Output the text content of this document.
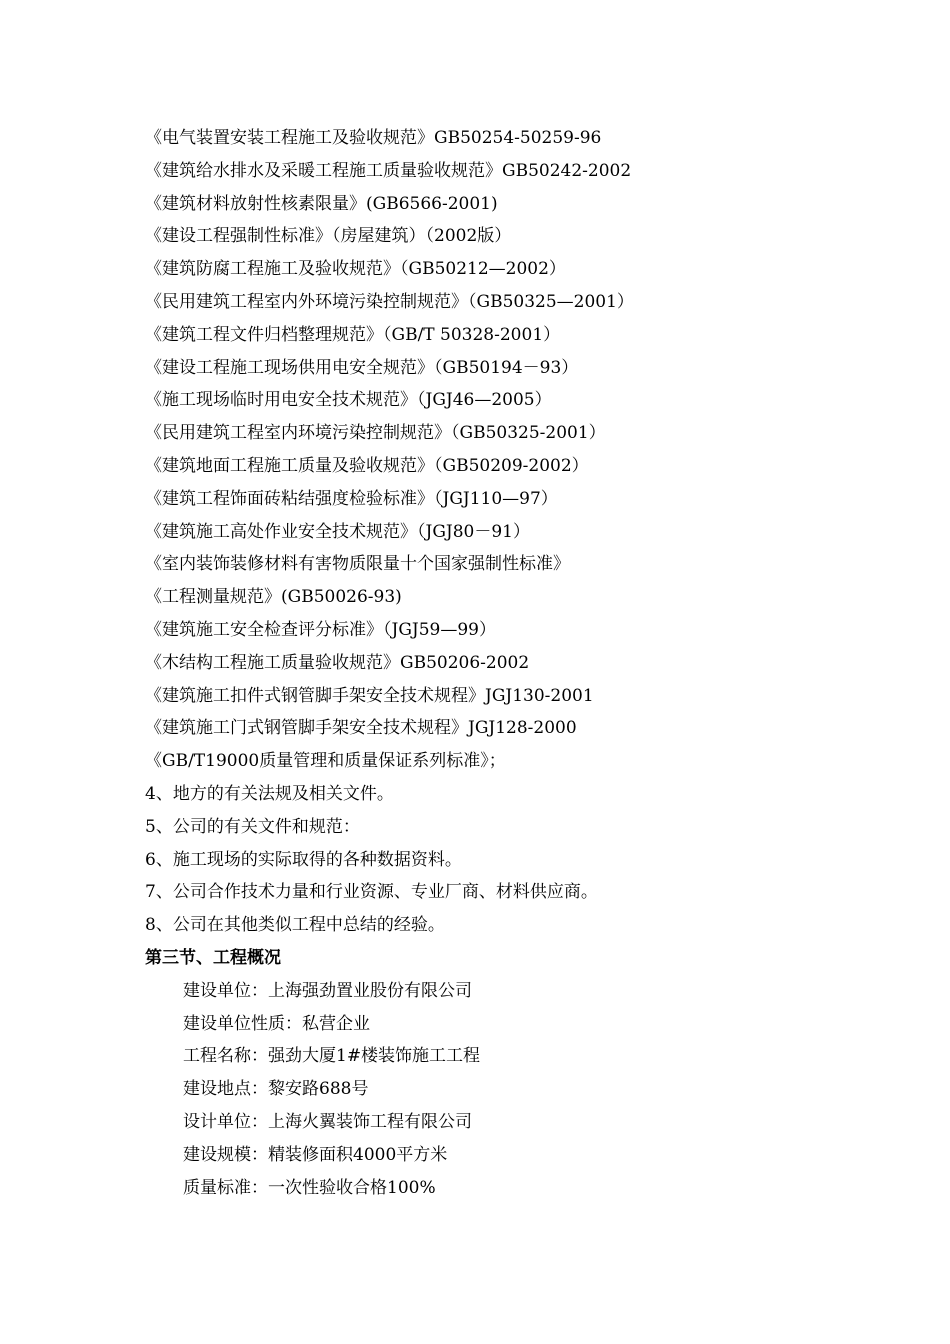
《电气装置安装工程施工及验收规范》GB50254-50259-96
《建筑给水排水及采暖工程施工质量验收规范》GB50242-2002
《建筑材料放射性核素限量》(GB6566-2001)
《建设工程强制性标准》（房屋建筑）（2002版）
《建筑防腐工程施工及验收规范》（GB50212—2002）
《民用建筑工程室内外环境污染控制规范》（GB50325—2001）
《建筑工程文件归档整理规范》（GB/T 50328-2001）
《建设工程施工现场供用电安全规范》（GB50194－93）
《施工现场临时用电安全技术规范》（JGJ46—2005）
《民用建筑工程室内环境污染控制规范》（GB50325-2001）
《建筑地面工程施工质量及验收规范》（GB50209-2002）
《建筑工程饰面砖粘结强度检验标准》（JGJ110—97）
《建筑施工高处作业安全技术规范》（JGJ80－91）
《室内装饰装修材料有害物质限量十个国家强制性标准》
《工程测量规范》(GB50026-93)
《建筑施工安全检查评分标准》（JGJ59—99）
《木结构工程施工质量验收规范》GB50206-2002
《建筑施工扣件式钢管脚手架安全技术规程》JGJ130-2001
《建筑施工门式钢管脚手架安全技术规程》JGJ128-2000
《GB/T19000质量管理和质量保证系列标准》；
4、地方的有关法规及相关文件。
5、公司的有关文件和规范：
6、施工现场的实际取得的各种数据资料。
7、公司合作技术力量和行业资源、专业厂商、材料供应商。
8、公司在其他类似工程中总结的经验。
第三节、工程概况
建设单位：上海强劲置业股份有限公司
建设单位性质：私营企业
工程名称：强劲大厦1#楼装饰施工工程
建设地点：黎安路688号
设计单位：上海火翼装饰工程有限公司
建设规模：精装修面积4000平方米
质量标准：一次性验收合格100%
